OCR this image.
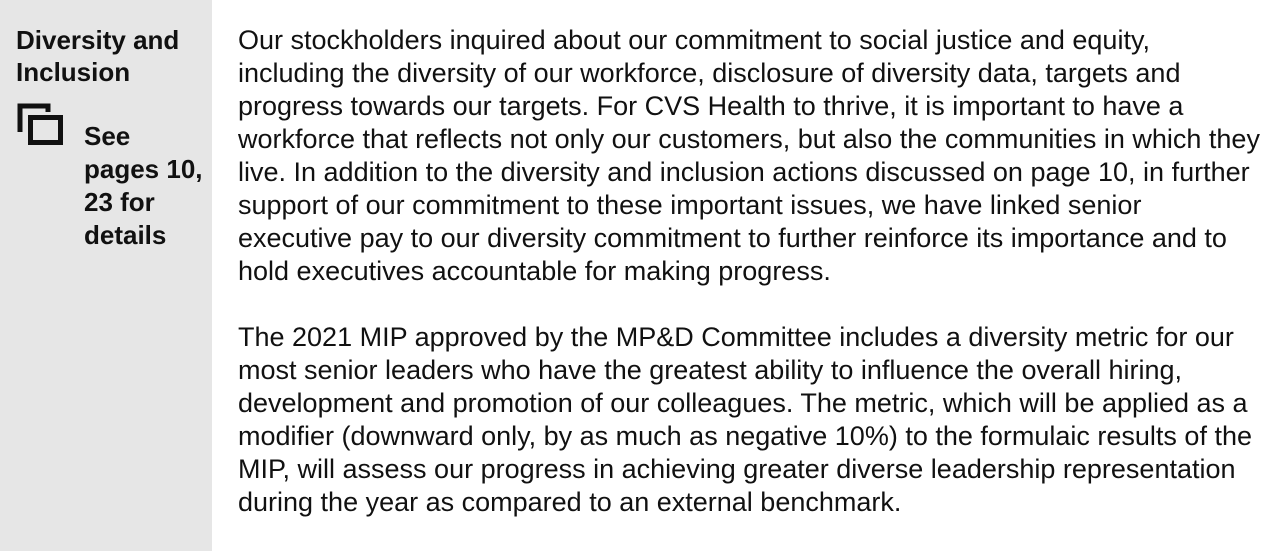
Diversity and Inclusion
See pages 10, 23 for details

Our stockholders inquired about our commitment to social justice and equity, including the diversity of our workforce, disclosure of diversity data, targets and progress towards our targets. For CVS Health to thrive, it is important to have a workforce that reflects not only our customers, but also the communities in which they live. In addition to the diversity and inclusion actions discussed on page 10, in further support of our commitment to these important issues, we have linked senior executive pay to our diversity commitment to further reinforce its importance and to hold executives accountable for making progress.

The 2021 MIP approved by the MP&D Committee includes a diversity metric for our most senior leaders who have the greatest ability to influence the overall hiring, development and promotion of our colleagues. The metric, which will be applied as a modifier (downward only, by as much as negative 10%) to the formulaic results of the MIP, will assess our progress in achieving greater diverse leadership representation during the year as compared to an external benchmark.
